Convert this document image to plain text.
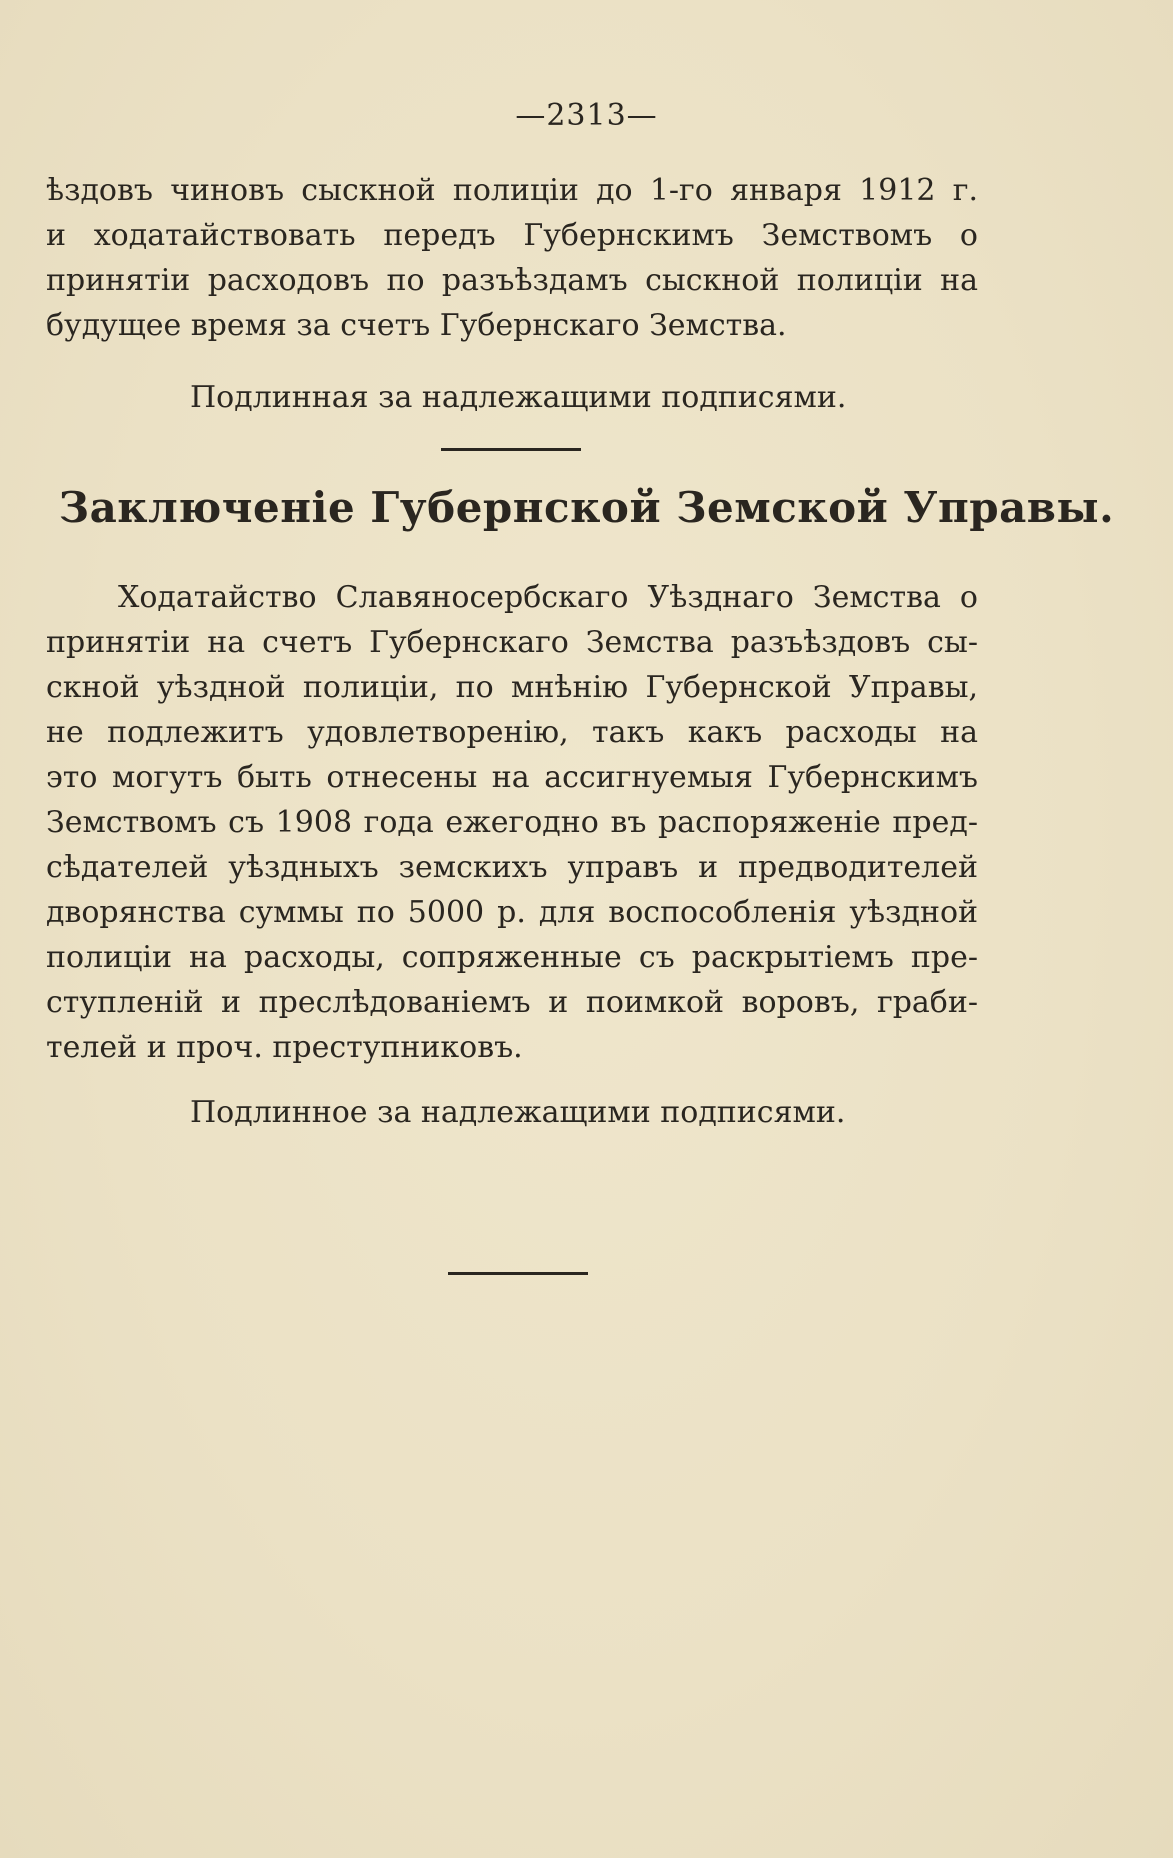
—2313—
ѣздовъ чиновъ сыскной полиціи до 1-го января 1912 г.
и ходатайствовать передъ Губернскимъ Земствомъ о
принятіи расходовъ по разъѣздамъ сыскной полиціи на
будущее время за счетъ Губернскаго Земства.
Подлинная за надлежащими подписями.
Заключеніе Губернской Земской Управы.
Ходатайство Славяносербскаго Уѣзднаго Земства о
принятіи на счетъ Губернскаго Земства разъѣздовъ сы-
скной уѣздной полиціи, по мнѣнію Губернской Управы,
не подлежитъ удовлетворенію, такъ какъ расходы на
это могутъ быть отнесены на ассигнуемыя Губернскимъ
Земствомъ съ 1908 года ежегодно въ распоряженіе пред-
сѣдателей уѣздныхъ земскихъ управъ и предводителей
дворянства суммы по 5000 р. для воспособленія уѣздной
полиціи на расходы, сопряженные съ раскрытіемъ пре-
ступленій и преслѣдованіемъ и поимкой воровъ, граби-
телей и проч. преступниковъ.
Подлинное за надлежащими подписями.
